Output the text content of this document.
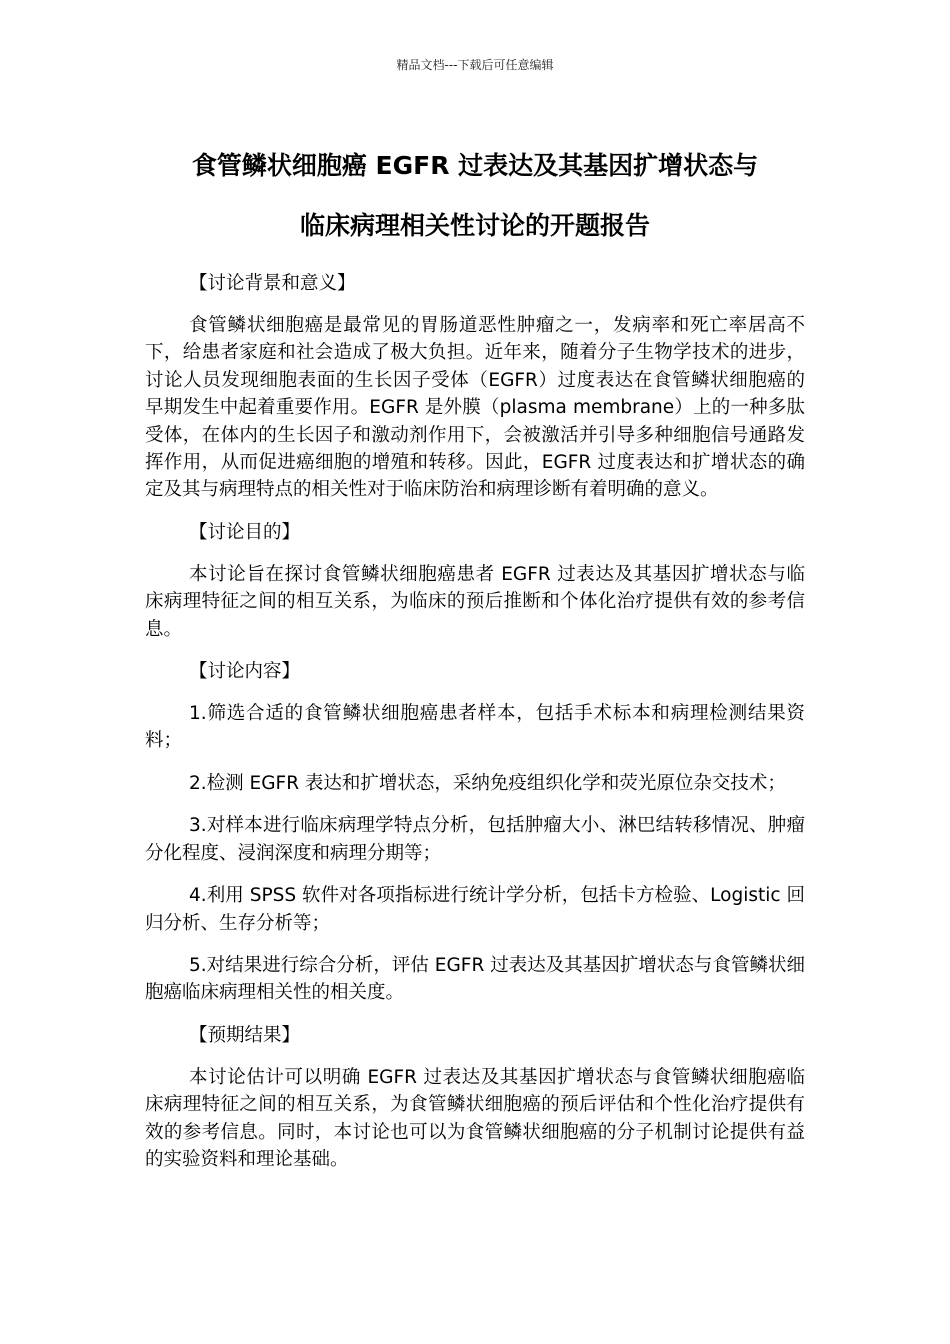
精品文档---下载后可任意编辑
食管鳞状细胞癌 EGFR 过表达及其基因扩增状态与
临床病理相关性讨论的开题报告
【讨论背景和意义】

食管鳞状细胞癌是最常见的胃肠道恶性肿瘤之一，发病率和死亡率居高不下，给患者家庭和社会造成了极大负担。近年来，随着分子生物学技术的进步，讨论人员发现细胞表面的生长因子受体（EGFR）过度表达在食管鳞状细胞癌的早期发生中起着重要作用。EGFR 是外膜（plasma membrane）上的一种多肽受体，在体内的生长因子和激动剂作用下，会被激活并引导多种细胞信号通路发挥作用，从而促进癌细胞的增殖和转移。因此，EGFR 过度表达和扩增状态的确定及其与病理特点的相关性对于临床防治和病理诊断有着明确的意义。

【讨论目的】

本讨论旨在探讨食管鳞状细胞癌患者 EGFR 过表达及其基因扩增状态与临床病理特征之间的相互关系，为临床的预后推断和个体化治疗提供有效的参考信息。

【讨论内容】

1.筛选合适的食管鳞状细胞癌患者样本，包括手术标本和病理检测结果资料；

2.检测 EGFR 表达和扩增状态，采纳免疫组织化学和荧光原位杂交技术；

3.对样本进行临床病理学特点分析，包括肿瘤大小、淋巴结转移情况、肿瘤分化程度、浸润深度和病理分期等；

4.利用 SPSS 软件对各项指标进行统计学分析，包括卡方检验、Logistic 回归分析、生存分析等；

5.对结果进行综合分析，评估 EGFR 过表达及其基因扩增状态与食管鳞状细胞癌临床病理相关性的相关度。

【预期结果】

本讨论估计可以明确 EGFR 过表达及其基因扩增状态与食管鳞状细胞癌临床病理特征之间的相互关系，为食管鳞状细胞癌的预后评估和个性化治疗提供有效的参考信息。同时，本讨论也可以为食管鳞状细胞癌的分子机制讨论提供有益的实验资料和理论基础。
